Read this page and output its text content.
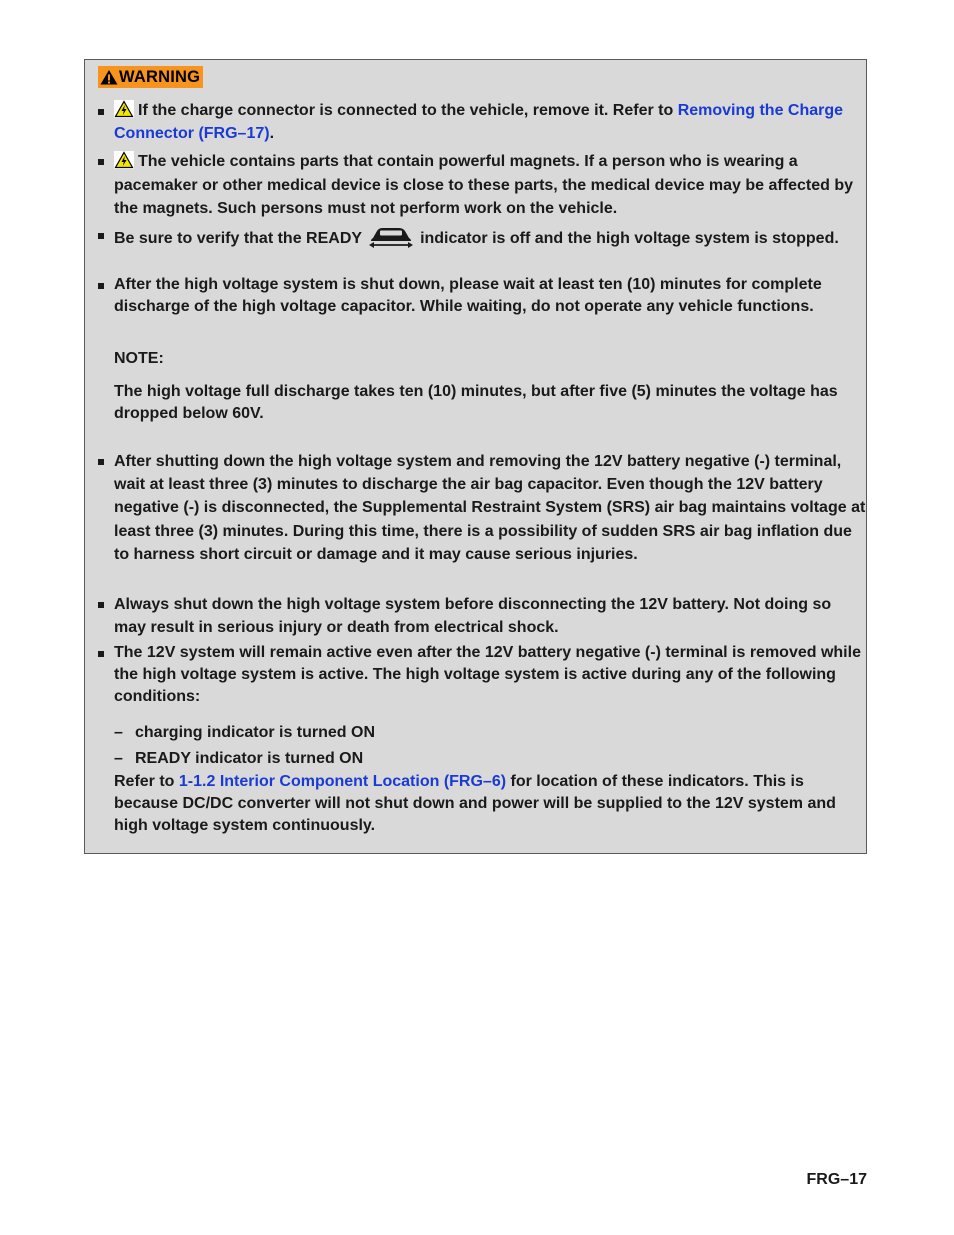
WARNING
If the charge connector is connected to the vehicle, remove it. Refer to Removing the Charge Connector (FRG–17).
The vehicle contains parts that contain powerful magnets. If a person who is wearing a pacemaker or other medical device is close to these parts, the medical device may be affected by the magnets. Such persons must not perform work on the vehicle.
Be sure to verify that the READY	indicator is off and the high voltage system is stopped.
After the high voltage system is shut down, please wait at least ten (10) minutes for complete discharge of the high voltage capacitor. While waiting, do not operate any vehicle functions.
NOTE:
The high voltage full discharge takes ten (10) minutes, but after five (5) minutes the voltage has dropped below 60V.
After shutting down the high voltage system and removing the 12V battery negative (-) terminal, wait at least three (3) minutes to discharge the air bag capacitor. Even though the 12V battery negative (-) is disconnected, the Supplemental Restraint System (SRS) air bag maintains voltage at least three (3) minutes. During this time, there is a possibility of sudden SRS air bag inflation due to harness short circuit or damage and it may cause serious injuries.
Always shut down the high voltage system before disconnecting the 12V battery. Not doing so may result in serious injury or death from electrical shock.
The 12V system will remain active even after the 12V battery negative (-) terminal is removed while the high voltage system is active. The high voltage system is active during any of the following conditions:
– charging indicator is turned ON
– READY indicator is turned ON
Refer to 1-1.2 Interior Component Location (FRG–6) for location of these indicators. This is because DC/DC converter will not shut down and power will be supplied to the 12V system and high voltage system continuously.
FRG–17
